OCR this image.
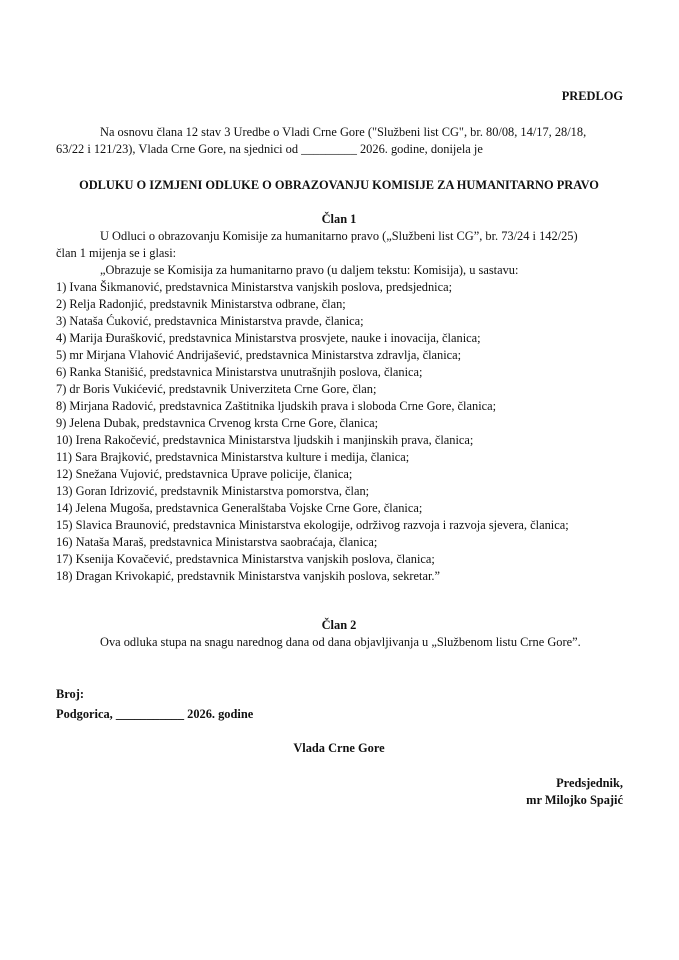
PREDLOG
Na osnovu člana 12 stav 3 Uredbe o Vladi Crne Gore ("Službeni list CG", br. 80/08, 14/17, 28/18,
63/22 i 121/23), Vlada Crne Gore, na sjednici od _________ 2026. godine, donijela je
ODLUKU O IZMJENI ODLUKE O OBRAZOVANJU KOMISIJE ZA HUMANITARNO PRAVO
Član 1
U Odluci o obrazovanju Komisije za humanitarno pravo („Službeni list CG”, br. 73/24 i 142/25)
član 1 mijenja se i glasi:
„Obrazuje se Komisija za humanitarno pravo (u daljem tekstu: Komisija), u sastavu:
1) Ivana Šikmanović, predstavnica Ministarstva vanjskih poslova, predsjednica;
2) Relja Radonjić, predstavnik Ministarstva odbrane, član;
3) Nataša Ćuković, predstavnica Ministarstva pravde, članica;
4) Marija Đurašković, predstavnica Ministarstva prosvjete, nauke i inovacija, članica;
5) mr Mirjana Vlahović Andrijašević, predstavnica Ministarstva zdravlja, članica;
6) Ranka Stanišić, predstavnica Ministarstva unutrašnjih poslova, članica;
7) dr Boris Vukićević, predstavnik Univerziteta Crne Gore, član;
8) Mirjana Radović, predstavnica Zaštitnika ljudskih prava i sloboda Crne Gore, članica;
9) Jelena Dubak, predstavnica Crvenog krsta Crne Gore, članica;
10) Irena Rakočević, predstavnica Ministarstva ljudskih i manjinskih prava, članica;
11) Sara Brajković, predstavnica Ministarstva kulture i medija, članica;
12) Snežana Vujović, predstavnica Uprave policije, članica;
13) Goran Idrizović, predstavnik Ministarstva pomorstva, član;
14) Jelena Mugoša, predstavnica Generalštaba Vojske Crne Gore, članica;
15) Slavica Braunović, predstavnica Ministarstva ekologije, održivog razvoja i razvoja sjevera, članica;
16) Nataša Maraš, predstavnica Ministarstva saobraćaja, članica;
17) Ksenija Kovačević, predstavnica Ministarstva vanjskih poslova, članica;
18) Dragan Krivokapić, predstavnik Ministarstva vanjskih poslova, sekretar.”
Član 2
Ova odluka stupa na snagu narednog dana od dana objavljivanja u „Službenom listu Crne Gore”.
Broj:
Podgorica, ___________ 2026. godine
Vlada Crne Gore
Predsjednik,
mr Milojko Spajić
